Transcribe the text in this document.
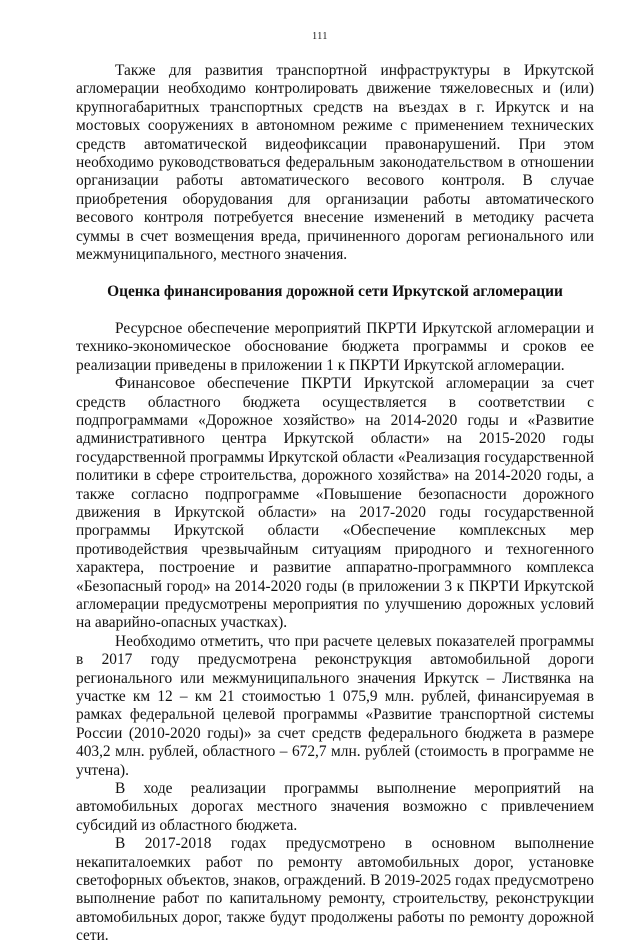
111

Также для развития транспортной инфраструктуры в Иркутской агломерации необходимо контролировать движение тяжеловесных и (или) крупногабаритных транспортных средств на въездах в г. Иркутск и на мостовых сооружениях в автономном режиме с применением технических средств автоматической видеофиксации правонарушений. При этом необходимо руководствоваться федеральным законодательством в отношении организации работы автоматического весового контроля. В случае приобретения оборудования для организации работы автоматического весового контроля потребуется внесение изменений в методику расчета суммы в счет возмещения вреда, причиненного дорогам регионального или межмуниципального, местного значения.

Оценка финансирования дорожной сети Иркутской агломерации

Ресурсное обеспечение мероприятий ПКРТИ Иркутской агломерации и технико-экономическое обоснование бюджета программы и сроков ее реализации приведены в приложении 1 к ПКРТИ Иркутской агломерации.

Финансовое обеспечение ПКРТИ Иркутской агломерации за счет средств областного бюджета осуществляется в соответствии с подпрограммами «Дорожное хозяйство» на 2014-2020 годы и «Развитие административного центра Иркутской области» на 2015-2020 годы государственной программы Иркутской области «Реализация государственной политики в сфере строительства, дорожного хозяйства» на 2014-2020 годы, а также согласно подпрограмме «Повышение безопасности дорожного движения в Иркутской области» на 2017-2020 годы государственной программы Иркутской области «Обеспечение комплексных мер противодействия чрезвычайным ситуациям природного и техногенного характера, построение и развитие аппаратно-программного комплекса «Безопасный город» на 2014-2020 годы (в приложении 3 к ПКРТИ Иркутской агломерации предусмотрены мероприятия по улучшению дорожных условий на аварийно-опасных участках).

Необходимо отметить, что при расчете целевых показателей программы в 2017 году предусмотрена реконструкция автомобильной дороги регионального или межмуниципального значения Иркутск – Листвянка на участке км 12 – км 21 стоимостью 1 075,9 млн. рублей, финансируемая в рамках федеральной целевой программы «Развитие транспортной системы России (2010-2020 годы)» за счет средств федерального бюджета в размере 403,2 млн. рублей, областного – 672,7 млн. рублей (стоимость в программе не учтена).

В ходе реализации программы выполнение мероприятий на автомобильных дорогах местного значения возможно с привлечением субсидий из областного бюджета.

В 2017-2018 годах предусмотрено в основном выполнение некапиталоемких работ по ремонту автомобильных дорог, установке светофорных объектов, знаков, ограждений. В 2019-2025 годах предусмотрено выполнение работ по капитальному ремонту, строительству, реконструкции автомобильных дорог, также будут продолжены работы по ремонту дорожной сети.
